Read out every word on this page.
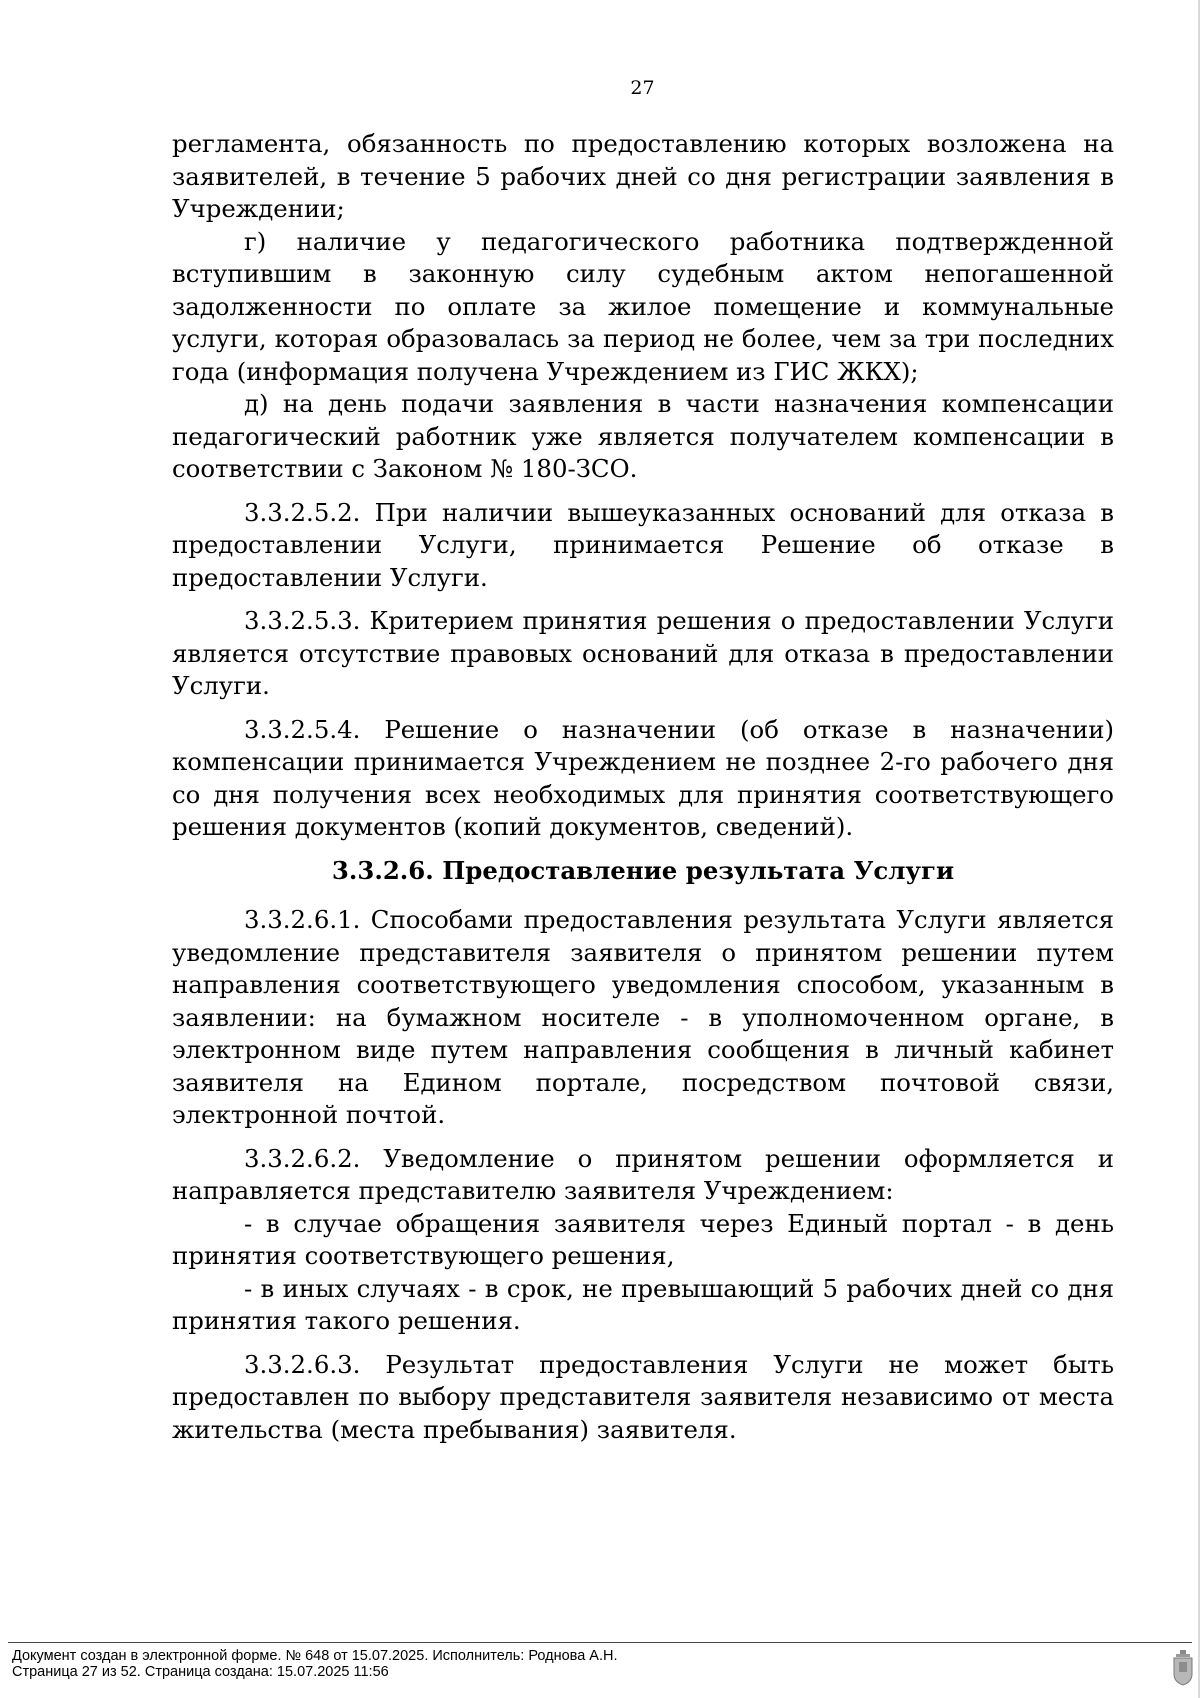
27

регламента, обязанность по предоставлению которых возложена на заявителей, в течение 5 рабочих дней со дня регистрации заявления в Учреждении;

г) наличие у педагогического работника подтвержденной вступившим в законную силу судебным актом непогашенной задолженности по оплате за жилое помещение и коммунальные услуги, которая образовалась за период не более, чем за три последних года (информация получена Учреждением из ГИС ЖКХ);

д) на день подачи заявления в части назначения компенсации педагогический работник уже является получателем компенсации в соответствии с Законом № 180-ЗСО.

3.3.2.5.2. При наличии вышеуказанных оснований для отказа в предоставлении Услуги, принимается Решение об отказе в предоставлении Услуги.

3.3.2.5.3. Критерием принятия решения о предоставлении Услуги является отсутствие правовых оснований для отказа в предоставлении Услуги.

3.3.2.5.4. Решение о назначении (об отказе в назначении) компенсации принимается Учреждением не позднее 2-го рабочего дня со дня получения всех необходимых для принятия соответствующего решения документов (копий документов, сведений).

3.3.2.6. Предоставление результата Услуги

3.3.2.6.1. Способами предоставления результата Услуги является уведомление представителя заявителя о принятом решении путем направления соответствующего уведомления способом, указанным в заявлении: на бумажном носителе - в уполномоченном органе, в электронном виде путем направления сообщения в личный кабинет заявителя на Едином портале, посредством почтовой связи, электронной почтой.

3.3.2.6.2. Уведомление о принятом решении оформляется и направляется представителю заявителя Учреждением:

- в случае обращения заявителя через Единый портал - в день принятия соответствующего решения,

- в иных случаях - в срок, не превышающий 5 рабочих дней со дня принятия такого решения.

3.3.2.6.3. Результат предоставления Услуги не может быть предоставлен по выбору представителя заявителя независимо от места жительства (места пребывания) заявителя.

Документ создан в электронной форме. № 648 от 15.07.2025. Исполнитель: Роднова А.Н.
Страница 27 из 52. Страница создана: 15.07.2025 11:56
